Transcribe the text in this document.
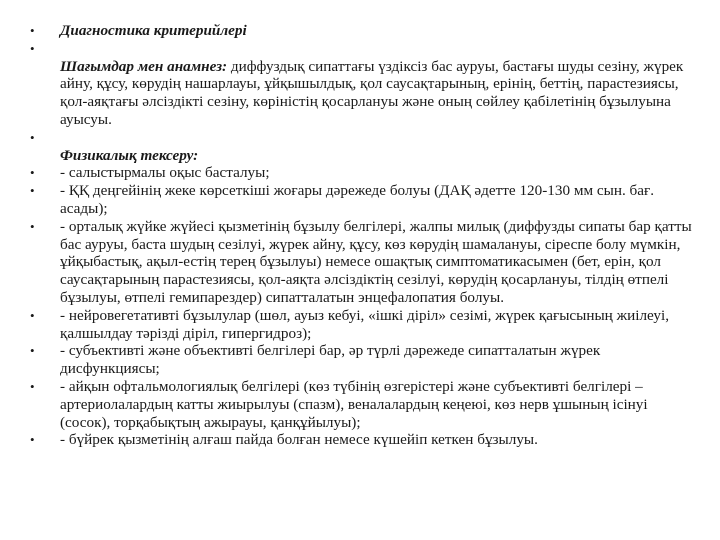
• Диагностика критерийлері
•
Шағымдар мен анамнез: диффуздық сипаттағы үздіксіз бас ауруы, бастағы шуды сезіну, жүрек айну, құсу, көрудің нашарлауы, ұйқышылдық, қол саусақтарының, ерінің, беттің, парастезиясы, қол-аяқтағы әлсіздікті сезіну, көріністің қосарлануы және оның сөйлеу қабілетінің бұзылуына ауысуы.
•
Физикалық тексеру:
• - салыстырмалы оқыс басталуы;
• - ҚҚ деңгейінің жеке көрсеткіші жоғары дәрежеде болуы (ДАҚ әдетте 120-130 мм сын. бағ. асады);
• - орталық жүйке жүйесі қызметінің бұзылу белгілері, жалпы милық (диффузды сипаты бар қатты бас ауруы, баста шудың сезілуі, жүрек айну, құсу, көз көрудің шамалануы, сіреспе болу мүмкін, ұйқыбастық, ақыл-естің терең бұзылуы) немесе ошақтық симптоматикасымен (бет, ерін, қол саусақтарының парастезиясы, қол-аяқта әлсіздіктің сезілуі, көрудің қосарлануы, тілдің өтпелі бұзылуы, өтпелі гемипарездер) сипатталатын энцефалопатия болуы.
• - нейровегетативті бұзылулар (шөл, ауыз кебуі, «ішкі діріл» сезімі, жүрек қағысының жиілеуі, қалшылдау тәрізді діріл, гипергидроз);
• - субъективті және объективті белгілері бар, әр түрлі дәрежеде сипатталатын жүрек дисфункциясы;
• - айқын офтальмологиялық белгілері (көз түбінің өзгерістері және субъективті белгілері – артериолалардың катты жиырылуы (спазм), веналалардың кеңеюі, көз нерв ұшының ісінуі (сосок), торқабықтың ажырауы, қанқұйылуы);
• - бүйрек қызметінің алғаш пайда болған немесе күшейіп кеткен бұзылуы.
